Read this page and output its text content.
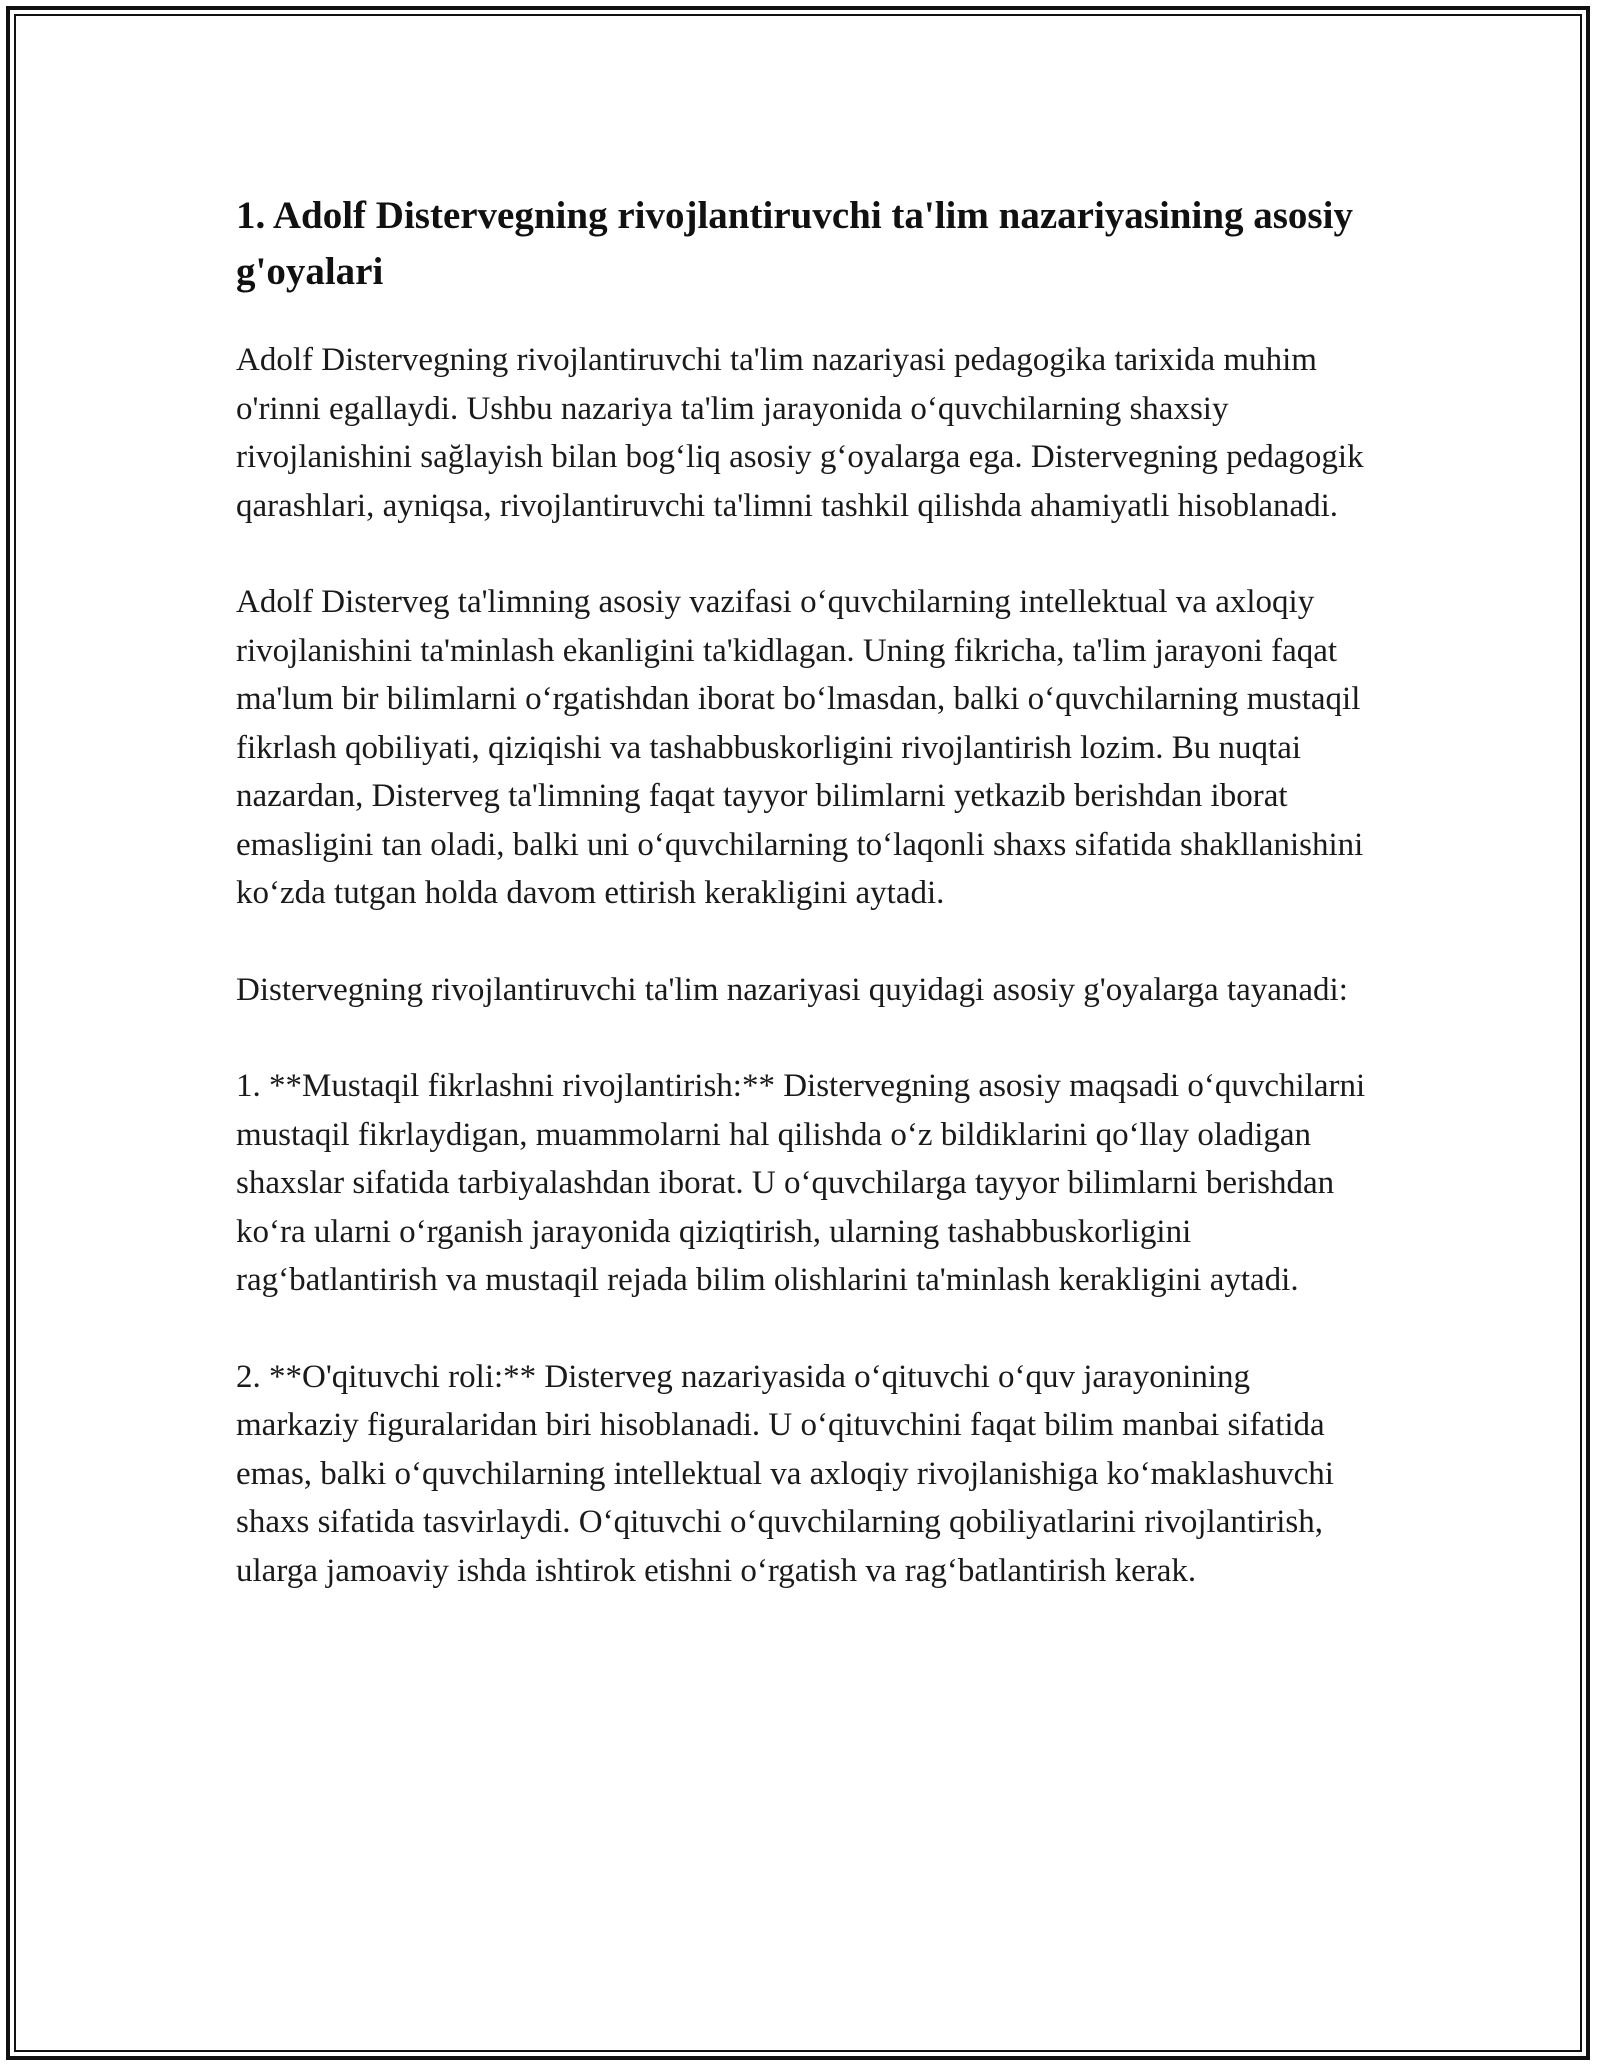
1. Adolf Distervegning rivojlantiruvchi ta'lim nazariyasining asosiy g'oyalari

Adolf Distervegning rivojlantiruvchi ta'lim nazariyasi pedagogika tarixida muhim o'rinni egallaydi. Ushbu nazariya ta'lim jarayonida o‘quvchilarning shaxsiy rivojlanishini sağlayish bilan bog‘liq asosiy g‘oyalarga ega. Distervegning pedagogik qarashlari, ayniqsa, rivojlantiruvchi ta'limni tashkil qilishda ahamiyatli hisoblanadi.

Adolf Disterveg ta'limning asosiy vazifasi o‘quvchilarning intellektual va axloqiy rivojlanishini ta'minlash ekanligini ta'kidlagan. Uning fikricha, ta'lim jarayoni faqat ma'lum bir bilimlarni o‘rgatishdan iborat bo‘lmasdan, balki o‘quvchilarning mustaqil fikrlash qobiliyati, qiziqishi va tashabbuskorligini rivojlantirish lozim. Bu nuqtai nazardan, Disterveg ta'limning faqat tayyor bilimlarni yetkazib berishdan iborat emasligini tan oladi, balki uni o‘quvchilarning to‘laqonli shaxs sifatida shakllanishini ko‘zda tutgan holda davom ettirish kerakligini aytadi.

Distervegning rivojlantiruvchi ta'lim nazariyasi quyidagi asosiy g'oyalarga tayanadi:

1. **Mustaqil fikrlashni rivojlantirish:** Distervegning asosiy maqsadi o‘quvchilarni mustaqil fikrlaydigan, muammolarni hal qilishda o‘z bildiklarini qo‘llay oladigan shaxslar sifatida tarbiyalashdan iborat. U o‘quvchilarga tayyor bilimlarni berishdan ko‘ra ularni o‘rganish jarayonida qiziqtirish, ularning tashabbuskorligini rag‘batlantirish va mustaqil rejada bilim olishlarini ta'minlash kerakligini aytadi.

2. **O'qituvchi roli:** Disterveg nazariyasida o‘qituvchi o‘quv jarayonining markaziy figuralaridan biri hisoblanadi. U o‘qituvchini faqat bilim manbai sifatida emas, balki o‘quvchilarning intellektual va axloqiy rivojlanishiga ko‘maklashuvchi shaxs sifatida tasvirlaydi. O‘qituvchi o‘quvchilarning qobiliyatlarini rivojlantirish, ularga jamoaviy ishda ishtirok etishni o‘rgatish va rag‘batlantirish kerak.
